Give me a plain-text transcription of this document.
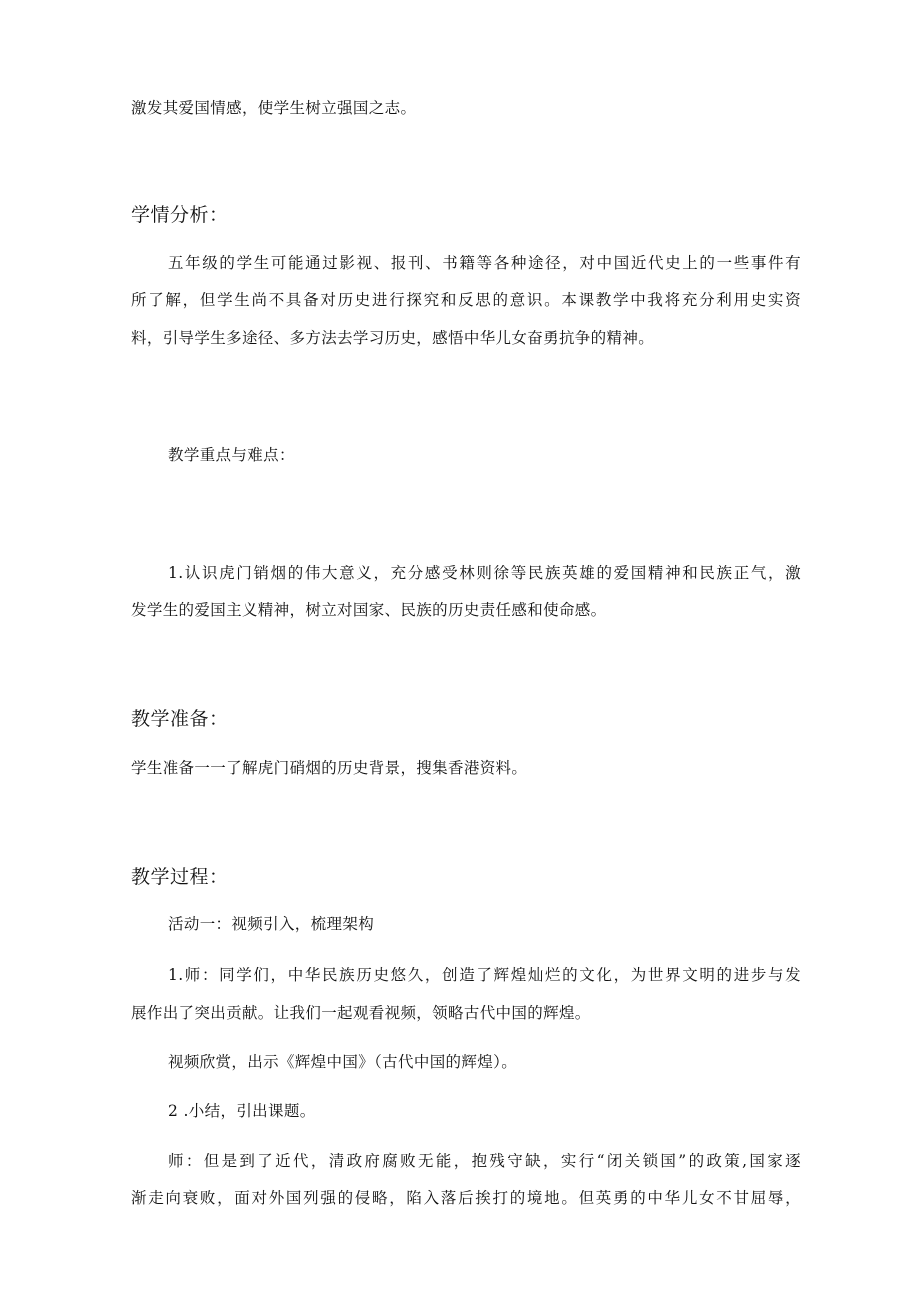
激发其爱国情感，使学生树立强国之志。
学情分析：
五年级的学生可能通过影视、报刊、书籍等各种途径，对中国近代史上的一些事件有
所了解，但学生尚不具备对历史进行探究和反思的意识。本课教学中我将充分利用史实资
料，引导学生多途径、多方法去学习历史，感悟中华儿女奋勇抗争的精神。
教学重点与难点：
1.认识虎门销烟的伟大意义，充分感受林则徐等民族英雄的爱国精神和民族正气，激
发学生的爱国主义精神，树立对国家、民族的历史责任感和使命感。
教学准备：
学生准备一一了解虎门硝烟的历史背景，搜集香港资料。
教学过程：
活动一：视频引入，梳理架构
1.师：同学们，中华民族历史悠久，创造了辉煌灿烂的文化，为世界文明的进步与发
展作出了突出贡献。让我们一起观看视频，领略古代中国的辉煌。
视频欣赏，出示《辉煌中国》（古代中国的辉煌）。
2 .小结，引出课题。
师：但是到了近代，清政府腐败无能，抱残守缺，实行“闭关锁国”的政策,国家逐
渐走向衰败，面对外国列强的侵略，陷入落后挨打的境地。但英勇的中华儿女不甘屈辱，
